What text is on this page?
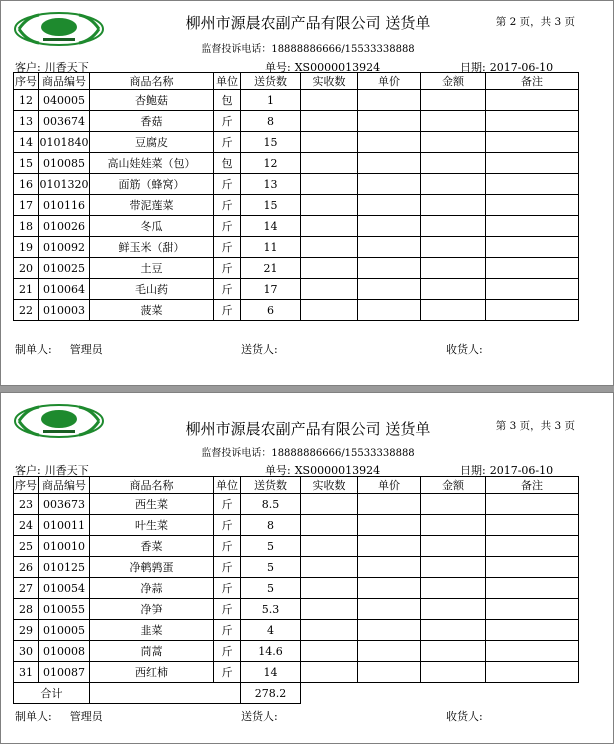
柳州市源晨农副产品有限公司 送货单	第 2 页，共 3 页
监督投诉电话：18888886666/15533338888
客户: 川香天下	单号: XS0000013924	日期: 2017-06-10
序号	商品编号	商品名称	单位	送货数	实收数	单价	金额	备注
12	040005	杏鲍菇	包	1				
13	003674	香菇	斤	8				
14	0101840	豆腐皮	斤	15				
15	010085	高山娃娃菜（包）	包	12				
16	0101320	面筋（蜂窝）	斤	13				
17	010116	带泥莲菜	斤	15				
18	010026	冬瓜	斤	14				
19	010092	鲜玉米（甜）	斤	11				
20	010025	土豆	斤	21				
21	010064	毛山药	斤	17				
22	010003	菠菜	斤	6				
制单人: 管理员	送货人:	收货人:
柳州市源晨农副产品有限公司 送货单	第 3 页，共 3 页
监督投诉电话：18888886666/15533338888
客户: 川香天下	单号: XS0000013924	日期: 2017-06-10
序号	商品编号	商品名称	单位	送货数	实收数	单价	金额	备注
23	003673	西生菜	斤	8.5				
24	010011	叶生菜	斤	8				
25	010010	香菜	斤	5				
26	010125	净鹌鹑蛋	斤	5				
27	010054	净蒜	斤	5				
28	010055	净笋	斤	5.3				
29	010005	韭菜	斤	4				
30	010008	茼蒿	斤	14.6				
31	010087	西红柿	斤	14				
合计				278.2				
制单人: 管理员	送货人:	收货人:
